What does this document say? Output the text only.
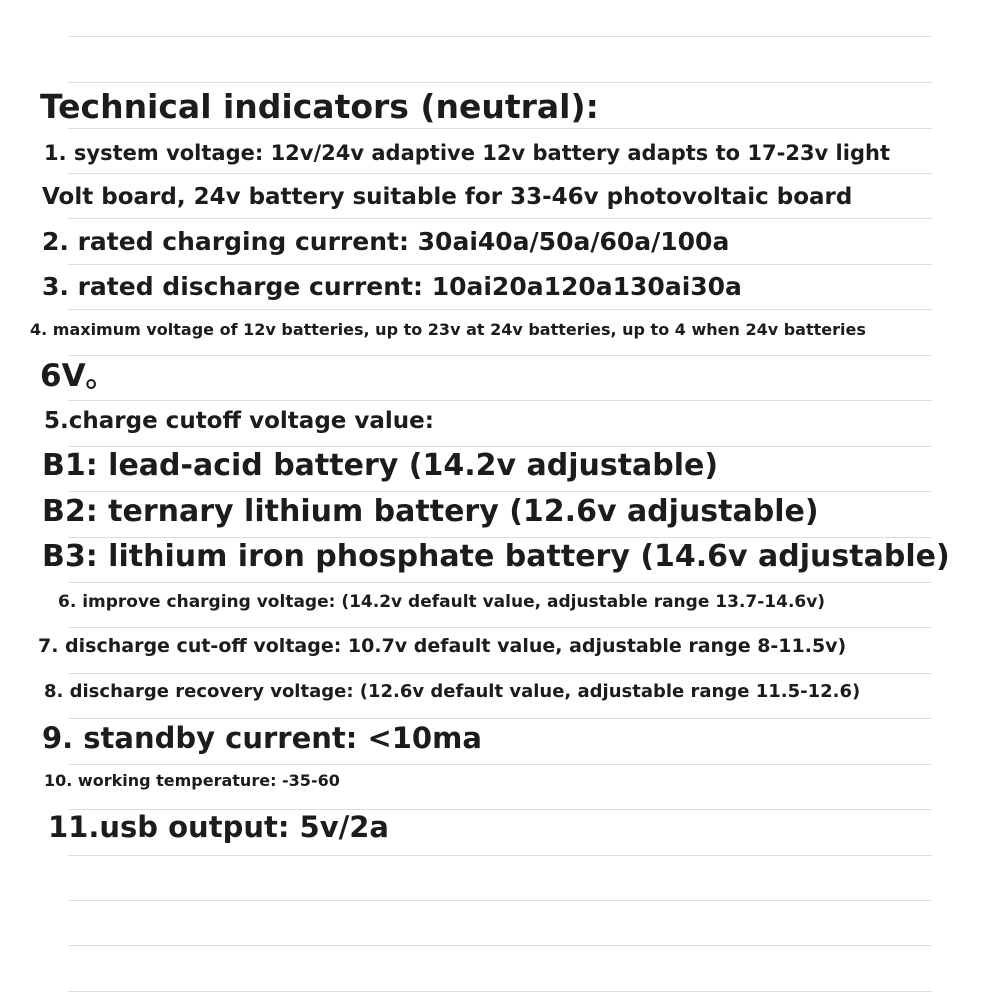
Technical indicators (neutral):

1. system voltage: 12v/24v adaptive 12v battery adapts to 17-23v light

Volt board, 24v battery suitable for 33-46v photovoltaic board

2. rated charging current: 30ai40a/50a/60a/100a

3. rated discharge current: 10ai20a120a130ai30a

4. maximum voltage of 12v batteries, up to 23v at 24v batteries, up to 4 when 24v batteries

6V。

5.charge cutoff voltage value:

B1: lead-acid battery (14.2v adjustable)

B2: ternary lithium battery (12.6v adjustable)

B3: lithium iron phosphate battery (14.6v adjustable)

6. improve charging voltage: (14.2v default value, adjustable range 13.7-14.6v)

7. discharge cut-off voltage: 10.7v default value, adjustable range 8-11.5v)

8. discharge recovery voltage: (12.6v default value, adjustable range 11.5-12.6)

9. standby current: <10ma

10. working temperature: -35-60

11.usb output: 5v/2a
